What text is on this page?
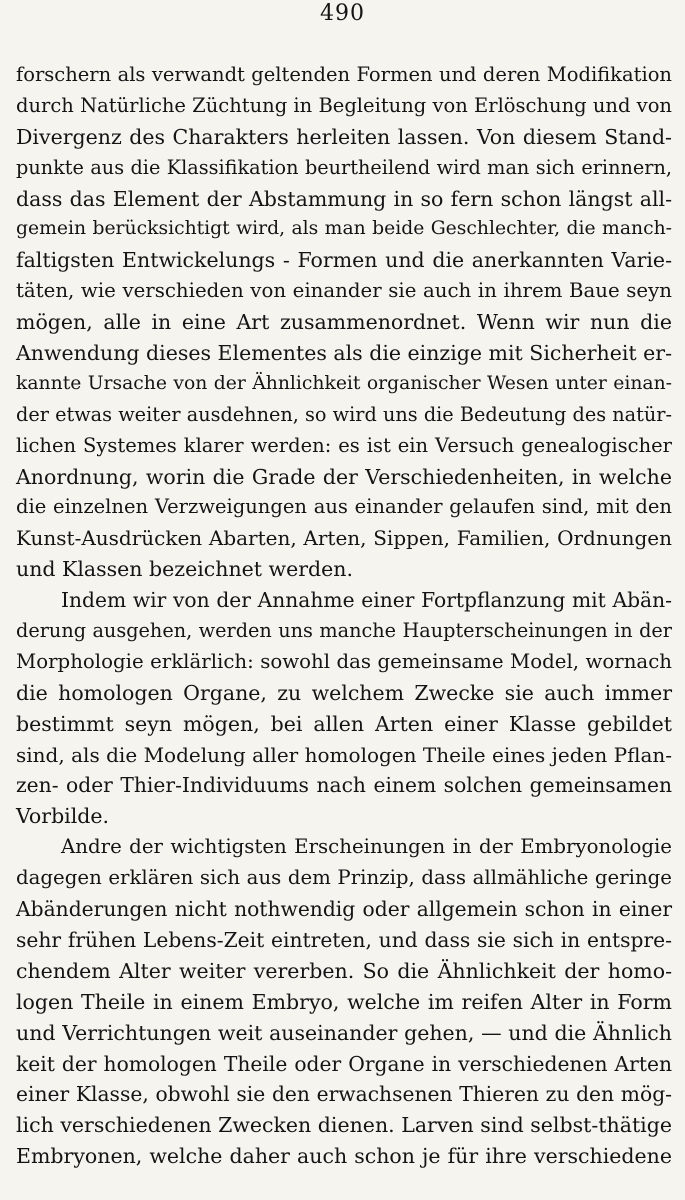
490
forschern als verwandt geltenden Formen und deren Modifikation
durch Natürliche Züchtung in Begleitung von Erlöschung und von
Divergenz des Charakters herleiten lassen. Von diesem Stand-
punkte aus die Klassifikation beurtheilend wird man sich erinnern,
dass das Element der Abstammung in so fern schon längst all-
gemein berücksichtigt wird, als man beide Geschlechter, die manch-
faltigsten Entwickelungs - Formen und die anerkannten Varie-
täten, wie verschieden von einander sie auch in ihrem Baue seyn
mögen, alle in eine Art zusammenordnet. Wenn wir nun die
Anwendung dieses Elementes als die einzige mit Sicherheit er-
kannte Ursache von der Ähnlichkeit organischer Wesen unter einan-
der etwas weiter ausdehnen, so wird uns die Bedeutung des natür-
lichen Systemes klarer werden: es ist ein Versuch genealogischer
Anordnung, worin die Grade der Verschiedenheiten, in welche
die einzelnen Verzweigungen aus einander gelaufen sind, mit den
Kunst-Ausdrücken Abarten, Arten, Sippen, Familien, Ordnungen
und Klassen bezeichnet werden.
Indem wir von der Annahme einer Fortpflanzung mit Abän-
derung ausgehen, werden uns manche Haupterscheinungen in der
Morphologie erklärlich: sowohl das gemeinsame Model, wornach
die homologen Organe, zu welchem Zwecke sie auch immer
bestimmt seyn mögen, bei allen Arten einer Klasse gebildet
sind, als die Modelung aller homologen Theile eines jeden Pflan-
zen- oder Thier-Individuums nach einem solchen gemeinsamen
Vorbilde.
Andre der wichtigsten Erscheinungen in der Embryonologie
dagegen erklären sich aus dem Prinzip, dass allmähliche geringe
Abänderungen nicht nothwendig oder allgemein schon in einer
sehr frühen Lebens-Zeit eintreten, und dass sie sich in entspre-
chendem Alter weiter vererben. So die Ähnlichkeit der homo-
logen Theile in einem Embryo, welche im reifen Alter in Form
und Verrichtungen weit auseinander gehen, — und die Ähnlich
keit der homologen Theile oder Organe in verschiedenen Arten
einer Klasse, obwohl sie den erwachsenen Thieren zu den mög-
lich verschiedenen Zwecken dienen. Larven sind selbst-thätige
Embryonen, welche daher auch schon je für ihre verschiedene
